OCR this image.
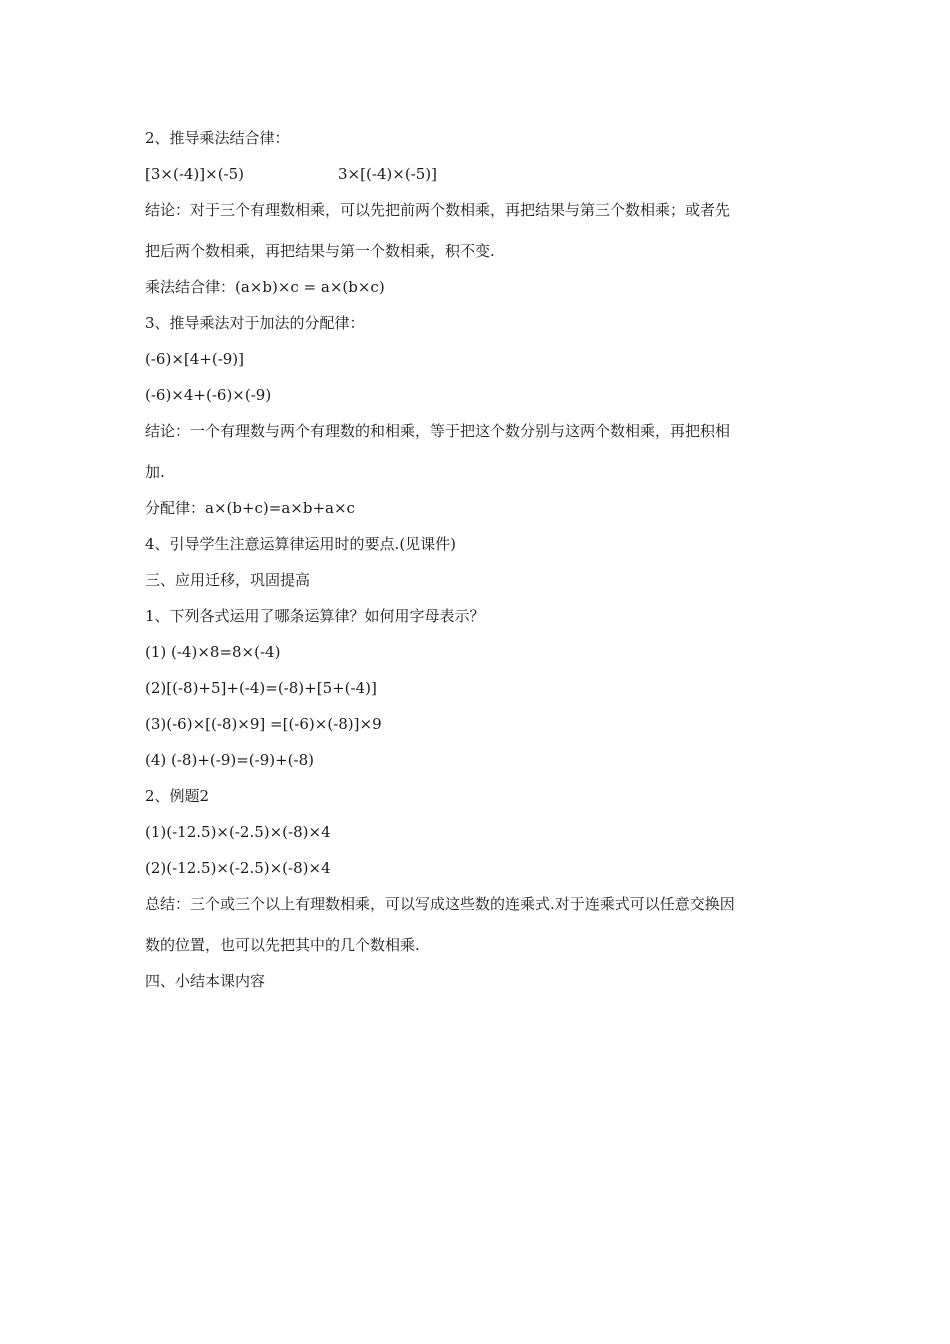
2、推导乘法结合律：
[3×(-4)]×(-5)	3×[(-4)×(-5)]
结论：对于三个有理数相乘，可以先把前两个数相乘，再把结果与第三个数相乘；或者先
把后两个数相乘，再把结果与第一个数相乘，积不变.
乘法结合律：(a×b)×c = a×(b×c)
3、推导乘法对于加法的分配律：
(-6)×[4+(-9)]
(-6)×4+(-6)×(-9)
结论：一个有理数与两个有理数的和相乘，等于把这个数分别与这两个数相乘，再把积相
加.
分配律：a×(b+c)=a×b+a×c
4、引导学生注意运算律运用时的要点.(见课件)
三、应用迁移，巩固提高
1、下列各式运用了哪条运算律？如何用字母表示？
(1) (-4)×8=8×(-4)
(2)[(-8)+5]+(-4)=(-8)+[5+(-4)]
(3)(-6)×[(-8)×9] =[(-6)×(-8)]×9
(4) (-8)+(-9)=(-9)+(-8)
2、例题2
(1)(-12.5)×(-2.5)×(-8)×4
(2)(-12.5)×(-2.5)×(-8)×4
总结：三个或三个以上有理数相乘，可以写成这些数的连乘式.对于连乘式可以任意交换因
数的位置，也可以先把其中的几个数相乘.
四、小结本课内容
